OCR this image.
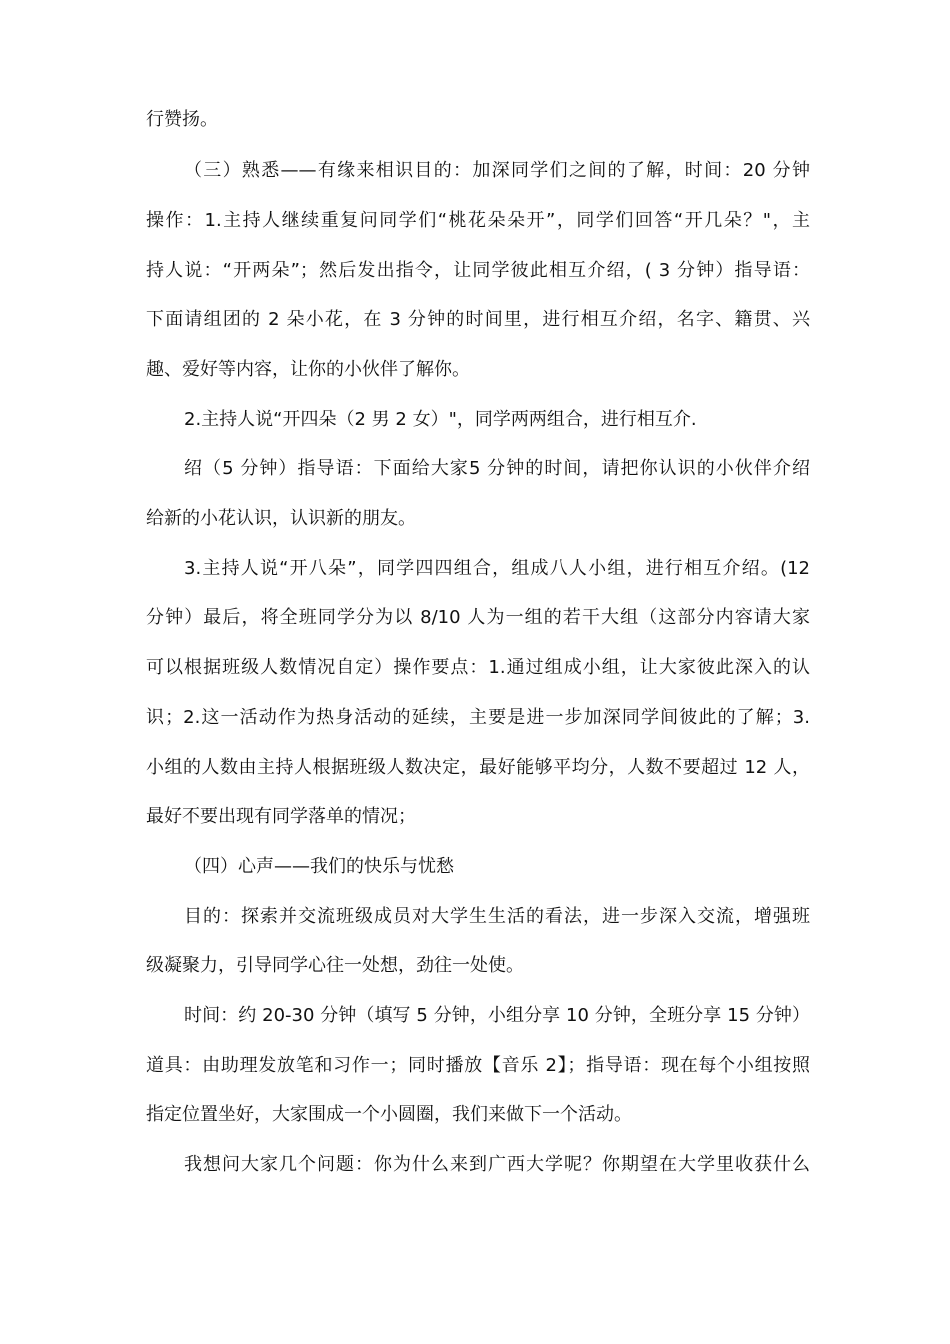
行赞扬。
（三）熟悉——有缘来相识目的：加深同学们之间的了解，时间：20 分钟
操作：1.主持人继续重复问同学们“桃花朵朵开”，同学们回答“开几朵？"，主
持人说：“开两朵”；然后发出指令，让同学彼此相互介绍，( 3 分钟）指导语：
下面请组团的 2 朵小花，在 3 分钟的时间里，进行相互介绍，名字、籍贯、兴
趣、爱好等内容，让你的小伙伴了解你。
2.主持人说“开四朵（2 男 2 女）"，同学两两组合，进行相互介.
绍（5 分钟）指导语：下面给大家5 分钟的时间，请把你认识的小伙伴介绍
给新的小花认识，认识新的朋友。
3.主持人说“开八朵”，同学四四组合，组成八人小组，进行相互介绍。(12
分钟）最后，将全班同学分为以 8/10 人为一组的若干大组（这部分内容请大家
可以根据班级人数情况自定）操作要点：1.通过组成小组，让大家彼此深入的认
识；2.这一活动作为热身活动的延续，主要是进一步加深同学间彼此的了解；3.
小组的人数由主持人根据班级人数决定，最好能够平均分，人数不要超过 12 人，
最好不要出现有同学落单的情况；
（四）心声——我们的快乐与忧愁
目的：探索并交流班级成员对大学生生活的看法，进一步深入交流，增强班
级凝聚力，引导同学心往一处想，劲往一处使。
时间：约 20-30 分钟（填写 5 分钟，小组分享 10 分钟，全班分享 15 分钟）
道具：由助理发放笔和习作一；同时播放【音乐 2】；指导语：现在每个小组按照
指定位置坐好，大家围成一个小圆圈，我们来做下一个活动。
我想问大家几个问题：你为什么来到广西大学呢？你期望在大学里收获什么
